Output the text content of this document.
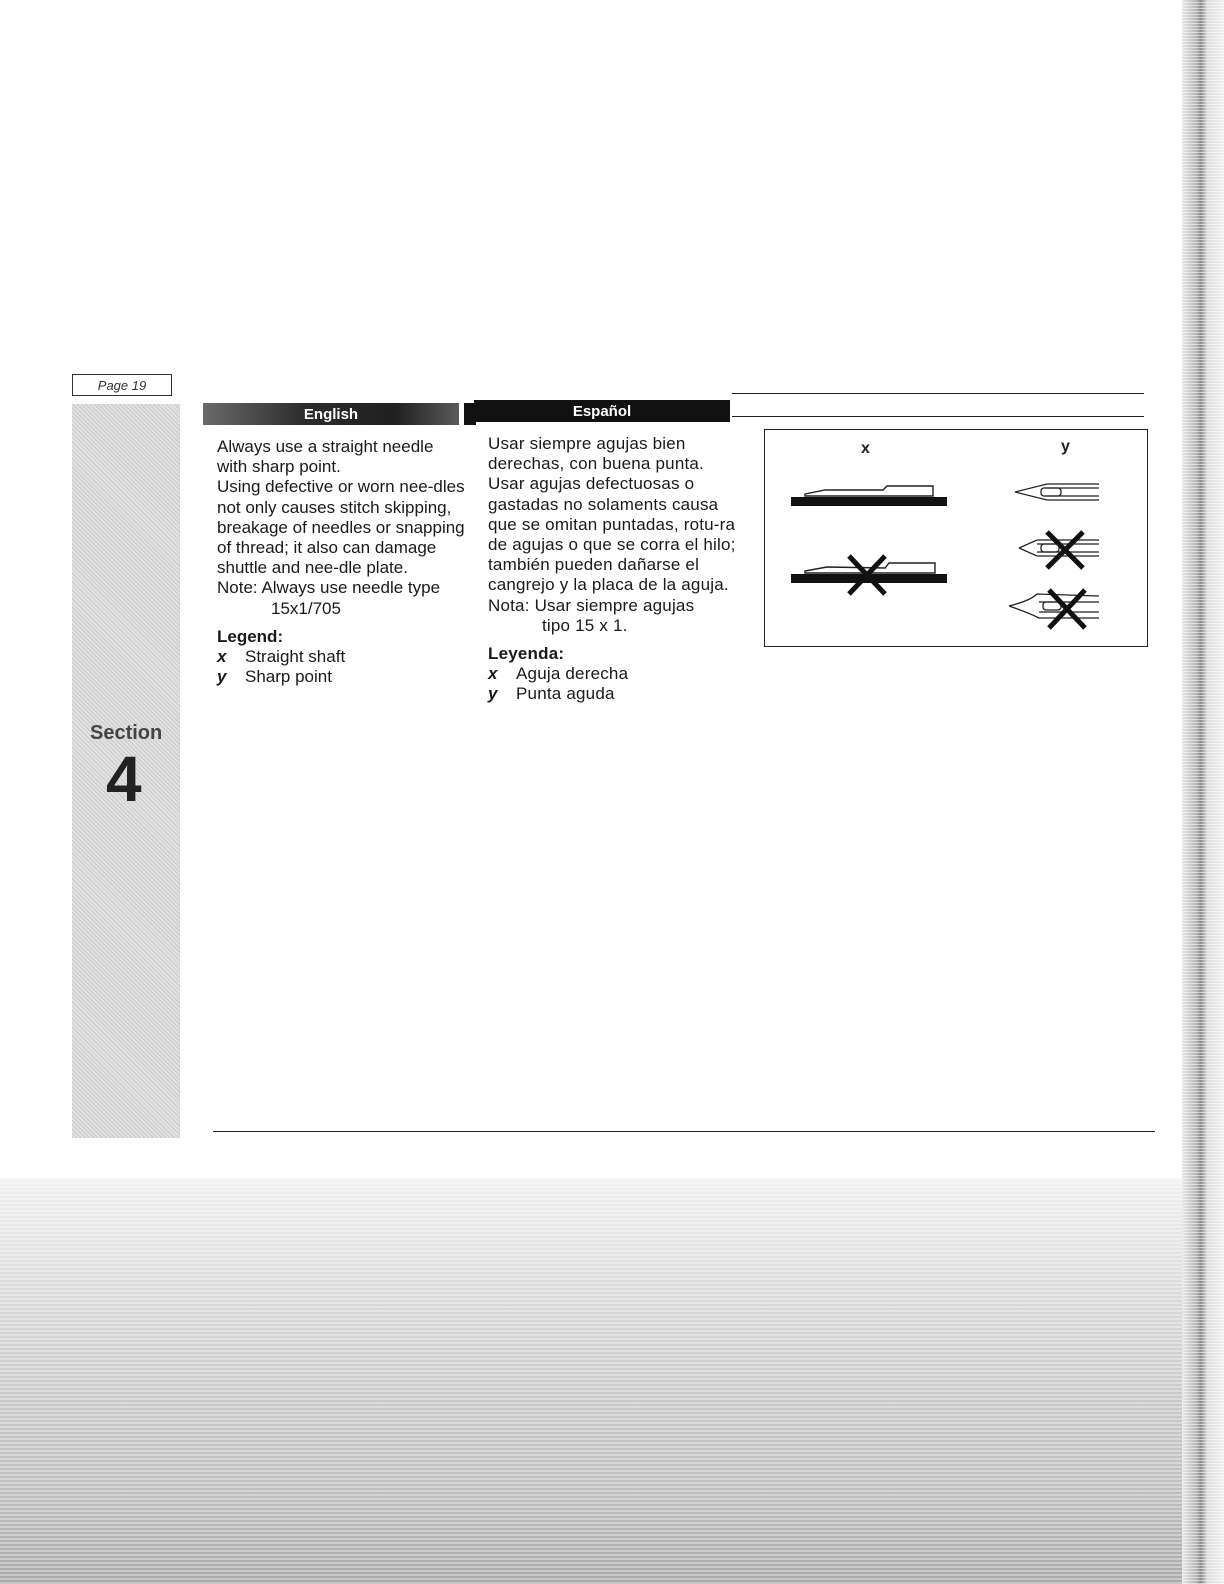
Page 19
Section
4
English	Español

Always use a straight needle with sharp point.

Using defective or worn nee-dles not only causes stitch skipping, breakage of needles or snapping of thread; it also can damage shuttle and nee-dle plate.

Note: Always use needle type

15x1/705

Legend:

x	Straight shaft
y	Sharp point

Usar siempre agujas bien derechas, con buena punta.

Usar agujas defectuosas o gastadas no solaments causa que se omitan puntadas, rotu-ra de agujas o que se corra el hilo; también pueden dañarse el cangrejo y la placa de la aguja.

Nota: Usar siempre agujas

tipo 15 x 1.

Leyenda:

x	Aguja derecha
y	Punta aguda
x	y
